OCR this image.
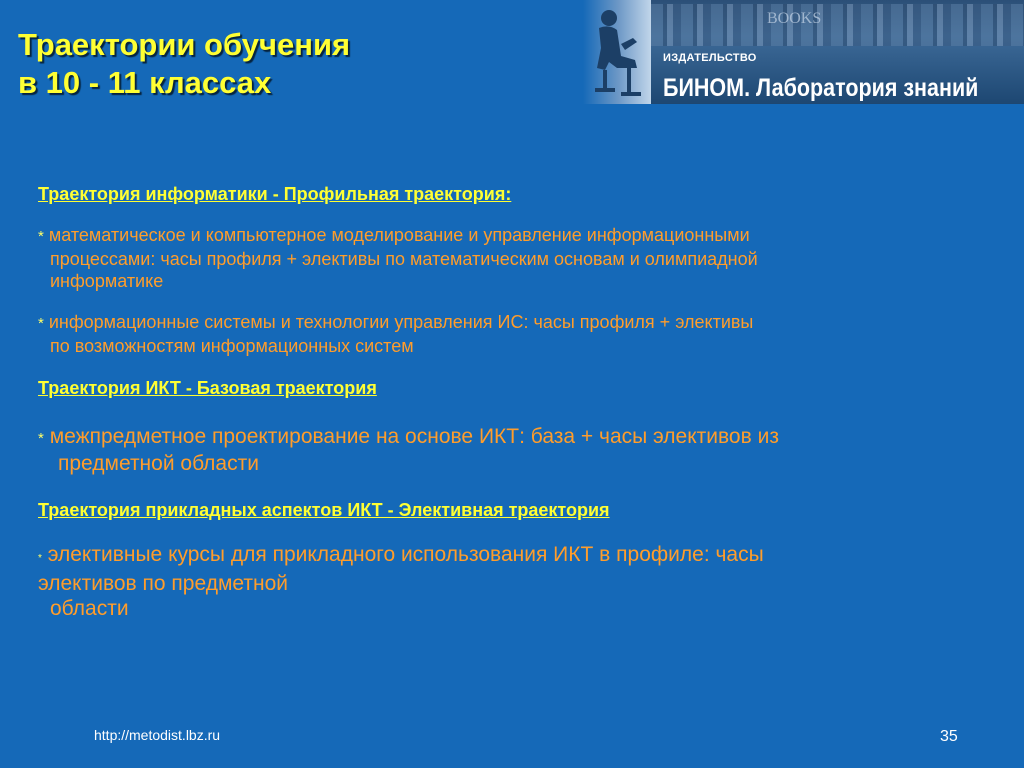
Траектории обучения
в 10 - 11 классах
BOOKS
ИЗДАТЕЛЬСТВО
БИНОМ. Лаборатория знаний
Траектория информатики - Профильная траектория:
* математическое и компьютерное моделирование и управление информационными
процессами: часы профиля + элективы по математическим основам и олимпиадной
информатике
* информационные системы и технологии управления ИС: часы профиля + элективы
по возможностям информационных систем
Траектория ИКТ - Базовая траектория
* межпредметное проектирование на основе ИКТ: база + часы элективов из
предметной области
Траектория прикладных аспектов ИКТ - Элективная траектория
* элективные курсы для прикладного использования ИКТ в профиле: часы
элективов по предметной
области
http://metodist.lbz.ru	35
